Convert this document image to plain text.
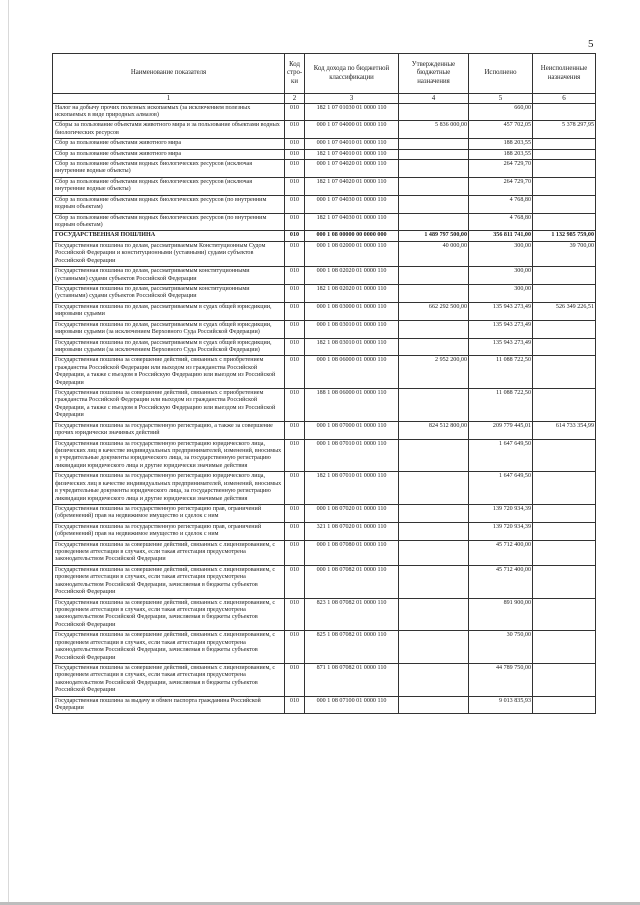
5
Наименование показателя	Код стро- ки	Код дохода по бюджетной классификации	Утвержденные бюджетные назначения	Исполнено	Неисполненные назначения
1	2	3	4	5	6
Налог на добычу прочих полезных ископаемых (за исключением полезных ископаемых в виде природных алмазов)	010	182 1 07 01030 01 0000 110		660,00	
Сборы за пользование объектами животного мира и за пользование объектами водных биологических ресурсов	010	000 1 07 04000 01 0000 110	5 836 000,00	457 702,05	5 378 297,95
Сбор за пользование объектами животного мира	010	000 1 07 04010 01 0000 110		188 203,55	
Сбор за пользование объектами животного мира	010	182 1 07 04010 01 0000 110		188 203,55	
Сбор за пользование объектами водных биологических ресурсов (исключая внутренние водные объекты)	010	000 1 07 04020 01 0000 110		264 729,70	
Сбор за пользование объектами водных биологических ресурсов (исключая внутренние водные объекты)	010	182 1 07 04020 01 0000 110		264 729,70	
Сбор за пользование объектами водных биологических ресурсов (по внутренним водным объектам)	010	000 1 07 04030 01 0000 110		4 768,80	
Сбор за пользование объектами водных биологических ресурсов (по внутренним водным объектам)	010	182 1 07 04030 01 0000 110		4 768,80	
ГОСУДАРСТВЕННАЯ ПОШЛИНА	010	000 1 08 00000 00 0000 000	1 489 797 500,00	356 811 741,00	1 132 985 759,00
Государственная пошлина по делам, рассматриваемым Конституционным Судом Российской Федерации и конституционными (уставными) судами субъектов Российской Федерации	010	000 1 08 02000 01 0000 110	40 000,00	300,00	39 700,00
Государственная пошлина по делам, рассматриваемым конституционными (уставными) судами субъектов Российской Федерации	010	000 1 08 02020 01 0000 110		300,00	
Государственная пошлина по делам, рассматриваемым конституционными (уставными) судами субъектов Российской Федерации	010	182 1 08 02020 01 0000 110		300,00	
Государственная пошлина по делам, рассматриваемым в судах общей юрисдикции, мировыми судьями	010	000 1 08 03000 01 0000 110	662 292 500,00	135 943 273,49	526 349 226,51
Государственная пошлина по делам, рассматриваемым в судах общей юрисдикции, мировыми судьями (за исключением Верховного Суда Российской Федерации)	010	000 1 08 03010 01 0000 110		135 943 273,49	
Государственная пошлина по делам, рассматриваемым в судах общей юрисдикции, мировыми судьями (за исключением Верховного Суда Российской Федерации)	010	182 1 08 03010 01 0000 110		135 943 273,49	
Государственная пошлина за совершение действий, связанных с приобретением гражданства Российской Федерации или выходом из гражданства Российской Федерации, а также с въездом в Российскую Федерацию или выездом из Российской Федерации	010	000 1 08 06000 01 0000 110	2 952 200,00	11 088 722,50	
Государственная пошлина за совершение действий, связанных с приобретением гражданства Российской Федерации или выходом из гражданства Российской Федерации, а также с въездом в Российскую Федерацию или выездом из Российской Федерации	010	188 1 08 06000 01 0000 110		11 088 722,50	
Государственная пошлина за государственную регистрацию, а также за совершение прочих юридически значимых действий	010	000 1 08 07000 01 0000 110	824 512 800,00	209 779 445,01	614 733 354,99
Государственная пошлина за государственную регистрацию юридического лица, физических лиц в качестве индивидуальных предпринимателей, изменений, вносимых в учредительные документы юридического лица, за государственную регистрацию ликвидации юридического лица и другие юридически значимые действия	010	000 1 08 07010 01 0000 110		1 647 649,50	
Государственная пошлина за государственную регистрацию юридического лица, физических лиц в качестве индивидуальных предпринимателей, изменений, вносимых в учредительные документы юридического лица, за государственную регистрацию ликвидации юридического лица и другие юридически значимые действия	010	182 1 08 07010 01 0000 110		1 647 649,50	
Государственная пошлина за государственную регистрацию прав, ограничений (обременений) прав на недвижимое имущество и сделок с ним	010	000 1 08 07020 01 0000 110		139 720 934,39	
Государственная пошлина за государственную регистрацию прав, ограничений (обременений) прав на недвижимое имущество и сделок с ним	010	321 1 08 07020 01 0000 110		139 720 934,39	
Государственная пошлина за совершение действий, связанных с лицензированием, с проведением аттестации в случаях, если такая аттестация предусмотрена законодательством Российской Федерации	010	000 1 08 07080 01 0000 110		45 712 400,00	
Государственная пошлина за совершение действий, связанных с лицензированием, с проведением аттестации в случаях, если такая аттестация предусмотрена законодательством Российской Федерации, зачисляемая в бюджеты субъектов Российской Федерации	010	000 1 08 07082 01 0000 110		45 712 400,00	
Государственная пошлина за совершение действий, связанных с лицензированием, с проведением аттестации в случаях, если такая аттестация предусмотрена законодательством Российской Федерации, зачисляемая в бюджеты субъектов Российской Федерации	010	823 1 08 07082 01 0000 110		891 900,00	
Государственная пошлина за совершение действий, связанных с лицензированием, с проведением аттестации в случаях, если такая аттестация предусмотрена законодательством Российской Федерации, зачисляемая в бюджеты субъектов Российской Федерации	010	825 1 08 07082 01 0000 110		30 750,00	
Государственная пошлина за совершение действий, связанных с лицензированием, с проведением аттестации в случаях, если такая аттестация предусмотрена законодательством Российской Федерации, зачисляемая в бюджеты субъектов Российской Федерации	010	871 1 08 07082 01 0000 110		44 789 750,00	
Государственная пошлина за выдачу и обмен паспорта гражданина Российской Федерации	010	000 1 08 07100 01 0000 110		9 013 835,93	
